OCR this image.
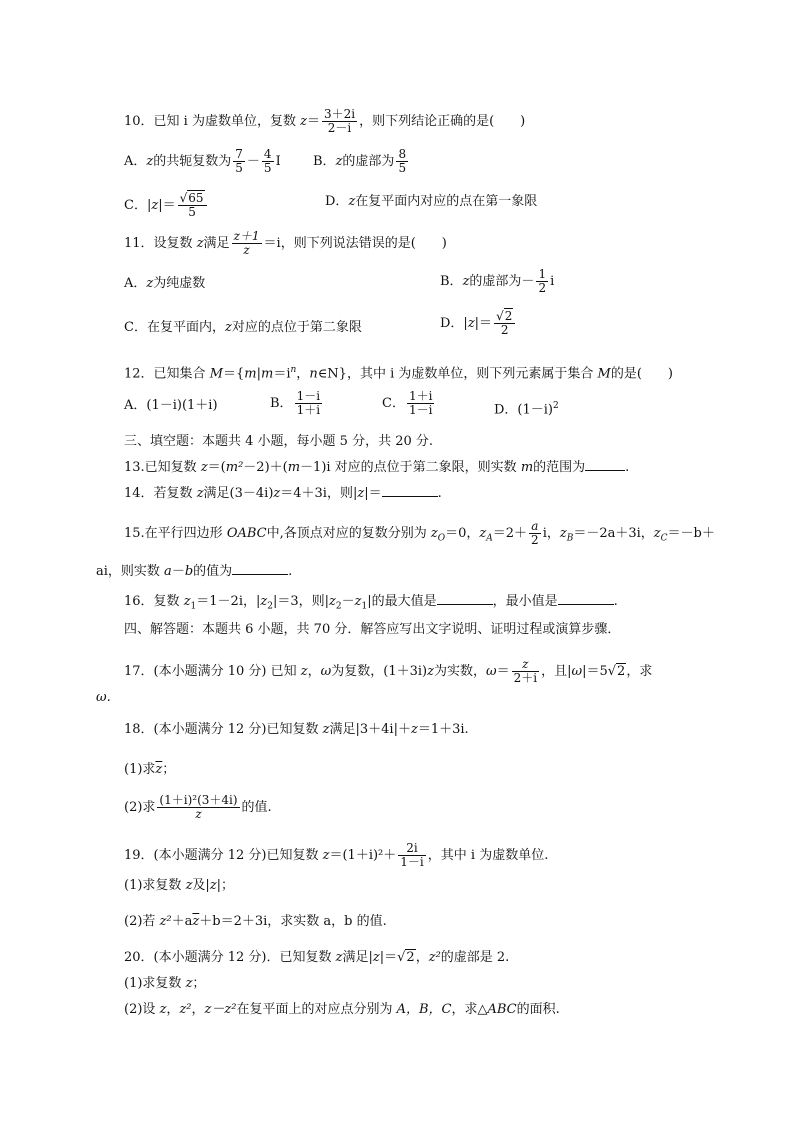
10．已知 i 为虚数单位，复数 $z= \frac{3+2i}{2-i}$ ，则下列结论正确的是(　　)
A．z的共轭复数为 $\frac{7}{5} - \frac{4}{5}$ I B．z的虚部为 $\frac{8}{5}$
C．$|z|= \frac{√65}{5}$	D．z在复平面内对应的点在第一象限
11．设复数 z满足 $\frac{z+1}{z} =i$，则下列说法错误的是(　　)
A．z为纯虚数	B．z的虚部为－ $\frac{1}{2}$ i
C．在复平面内，z对应的点位于第二象限	D．$|z|= \frac{√2}{2}$
12．已知集合 $M=\{m|m=i^n$，n∈N}，其中 i 为虚数单位，则下列元素属于集合 M的是(　　)
A．(1－i)(1＋i)	B． $\frac{1-i}{1+i}$	C． $\frac{1+i}{1-i}$	D．$(1-i)^2$
三、填空题：本题共 4 小题，每小题 5 分，共 20 分.
13.已知复数 z＝(m²－2)＋(m－1)i 对应的点位于第二象限，则实数 m的范围为	.
14．若复数 z满足(3－4i)z＝4＋3i，则|z|＝	.
15.在平行四边形 OABC中,各顶点对应的复数分别为 $z_O=0$，$z_A=2+ \frac{a}{2}$ i，$z_B=-2a+3i$，$z_C=-b+$
ai，则实数 a－b的值为	.
16．复数 $z_1=1-2i$，$|z_2|=3$，则$|z_2-z_1|$的最大值是	，最小值是	.
四、解答题：本题共 6 小题，共 70 分．解答应写出文字说明、证明过程或演算步骤．
17．(本小题满分 10 分) 已知 z，ω为复数，(1＋3i)z为实数，$\omega= \frac{z}{2+i}$ ，且|ω|＝5√2，求
ω.
18．(本小题满分 12 分)已知复数 z满足|3＋4i|＋z＝1＋3i.
(1)求$\overline{z}$；
(2)求 $\frac{\text{(1＋i)²(3＋4i)}}{z}$ 的值.
19．(本小题满分 12 分)已知复数 $z=(1+i)^2+ \frac{2i}{1-i}$ ，其中 i 为虚数单位.
(1)求复数 z及|z|；
(2)若 $z^2+a\overline{z}+b=2+3i$，求实数 a，b 的值.
20．(本小题满分 12 分)．已知复数 z满足|z|＝√2，z²的虚部是 2.
(1)求复数 z；
(2)设 z，z²，z－z²在复平面上的对应点分别为 A，B，C，求△ABC的面积.
